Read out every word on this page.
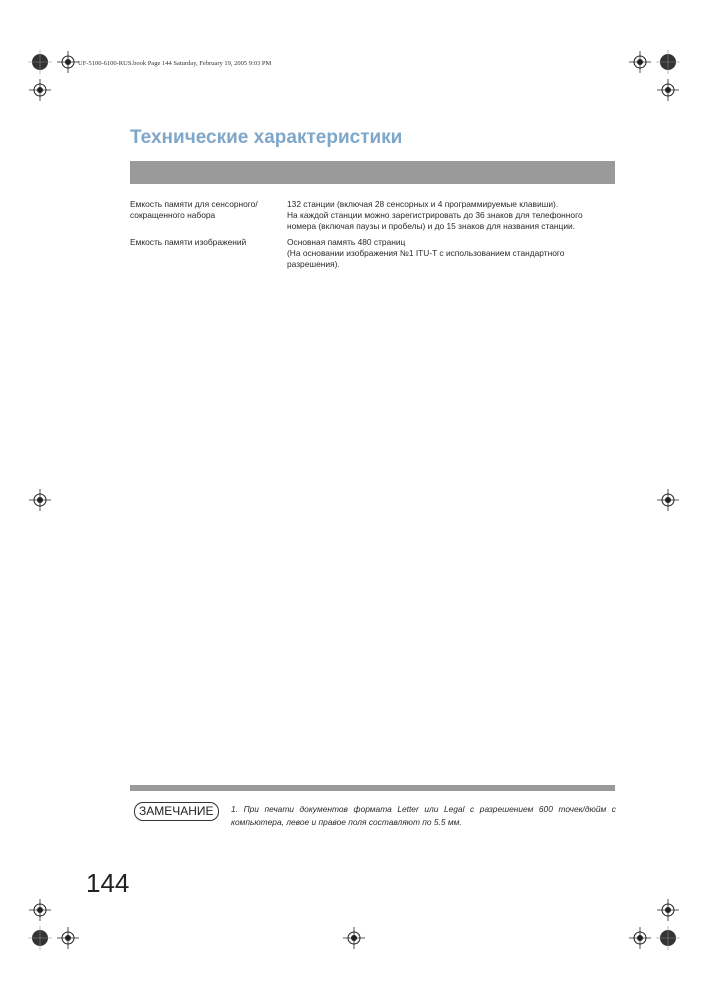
UF-5100-6100-RUS.book Page 144 Saturday, February 19, 2005 9:03 PM
Технические характеристики
Емкость памяти для сенсорного/
сокращенного набора
132 станции (включая 28 сенсорных и 4 программируемые клавиши).
На каждой станции можно зарегистрировать до 36 знаков для телефонного
номера (включая паузы и пробелы) и до 15 знаков для названия станции.
Емкость памяти изображений	Основная память 480 страниц
(На основании изображения №1 ITU-T с использованием стандартного
разрешения).
ЗАМЕЧАНИЕ	1. При печати документов формата Letter или Legal с разрешением 600 точек/дюйм с компьютера, левое и правое поля составляют по 5.5 мм.
144
